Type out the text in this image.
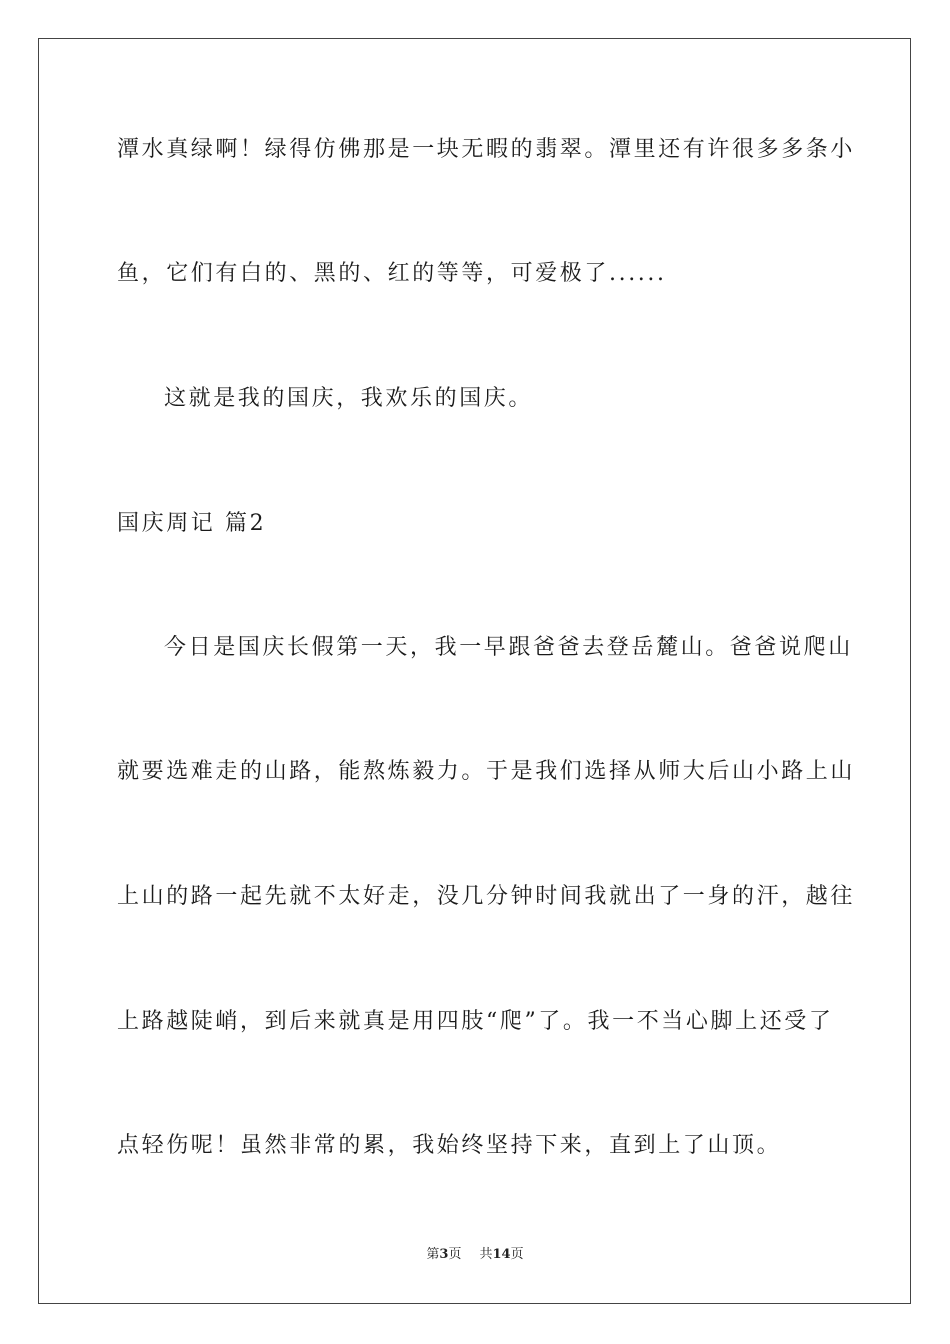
潭水真绿啊！绿得仿佛那是一块无暇的翡翠。潭里还有许很多多条小
鱼，它们有白的、黑的、红的等等，可爱极了......
这就是我的国庆，我欢乐的国庆。
国庆周记 篇2
今日是国庆长假第一天，我一早跟爸爸去登岳麓山。爸爸说爬山
就要选难走的山路，能熬炼毅力。于是我们选择从师大后山小路上山
上山的路一起先就不太好走，没几分钟时间我就出了一身的汗，越往
上路越陡峭，到后来就真是用四肢“爬”了。我一不当心脚上还受了
点轻伤呢！虽然非常的累，我始终坚持下来，直到上了山顶。
第3页 共14页
